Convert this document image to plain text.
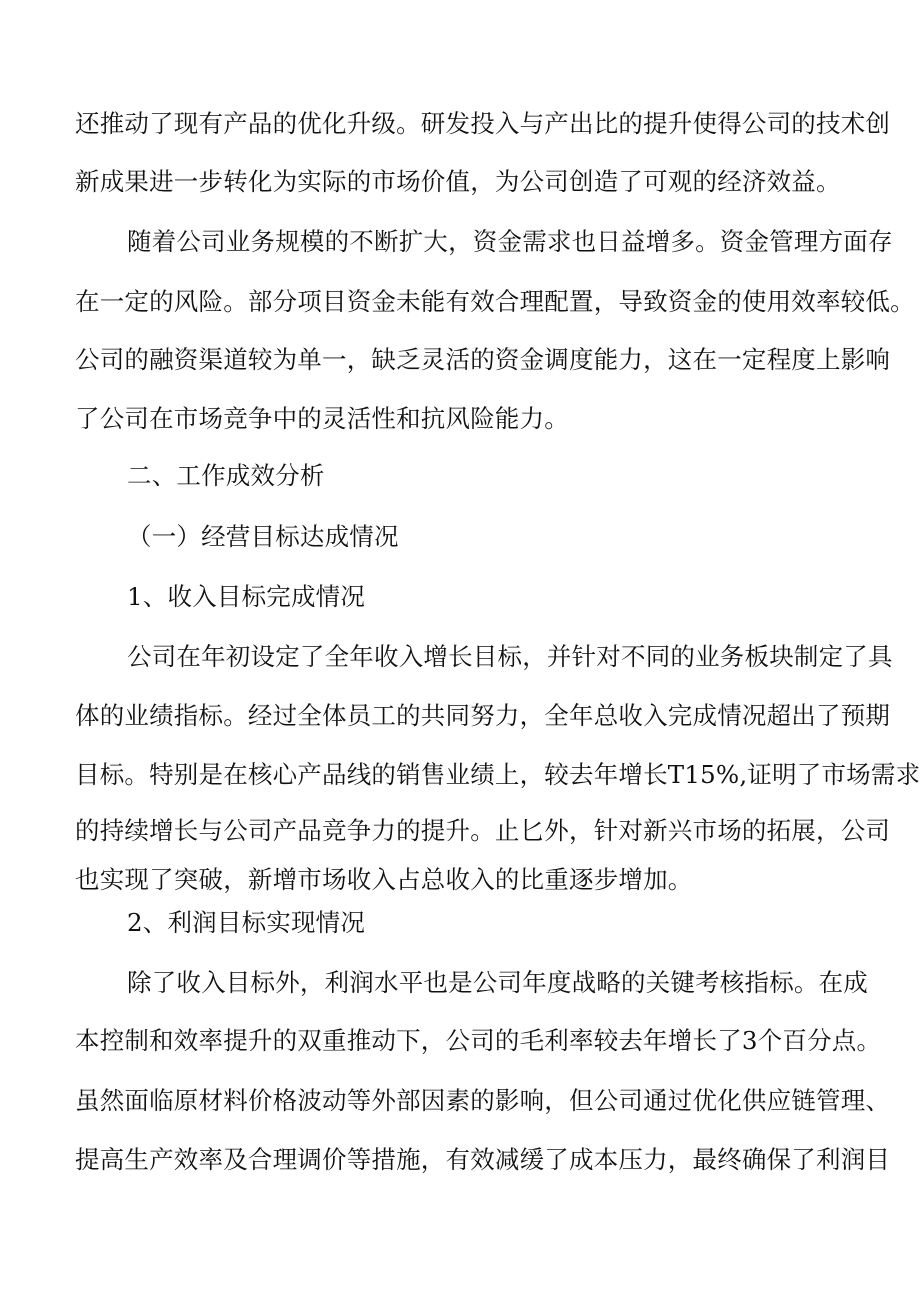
还推动了现有产品的优化升级。研发投入与产出比的提升使得公司的技术创
新成果进一步转化为实际的市场价值，为公司创造了可观的经济效益。
随着公司业务规模的不断扩大，资金需求也日益增多。资金管理方面存
在一定的风险。部分项目资金未能有效合理配置，导致资金的使用效率较低。
公司的融资渠道较为单一，缺乏灵活的资金调度能力，这在一定程度上影响
了公司在市场竞争中的灵活性和抗风险能力。
二、工作成效分析
（一）经营目标达成情况
1、收入目标完成情况
公司在年初设定了全年收入增长目标，并针对不同的业务板块制定了具
体的业绩指标。经过全体员工的共同努力，全年总收入完成情况超出了预期
目标。特别是在核心产品线的销售业绩上，较去年增长T15%,证明了市场需求
的持续增长与公司产品竞争力的提升。止匕外，针对新兴市场的拓展，公司
也实现了突破，新增市场收入占总收入的比重逐步增加。
2、利润目标实现情况
除了收入目标外，利润水平也是公司年度战略的关键考核指标。在成
本控制和效率提升的双重推动下，公司的毛利率较去年增长了3个百分点。
虽然面临原材料价格波动等外部因素的影响，但公司通过优化供应链管理、
提高生产效率及合理调价等措施，有效减缓了成本压力，最终确保了利润目
